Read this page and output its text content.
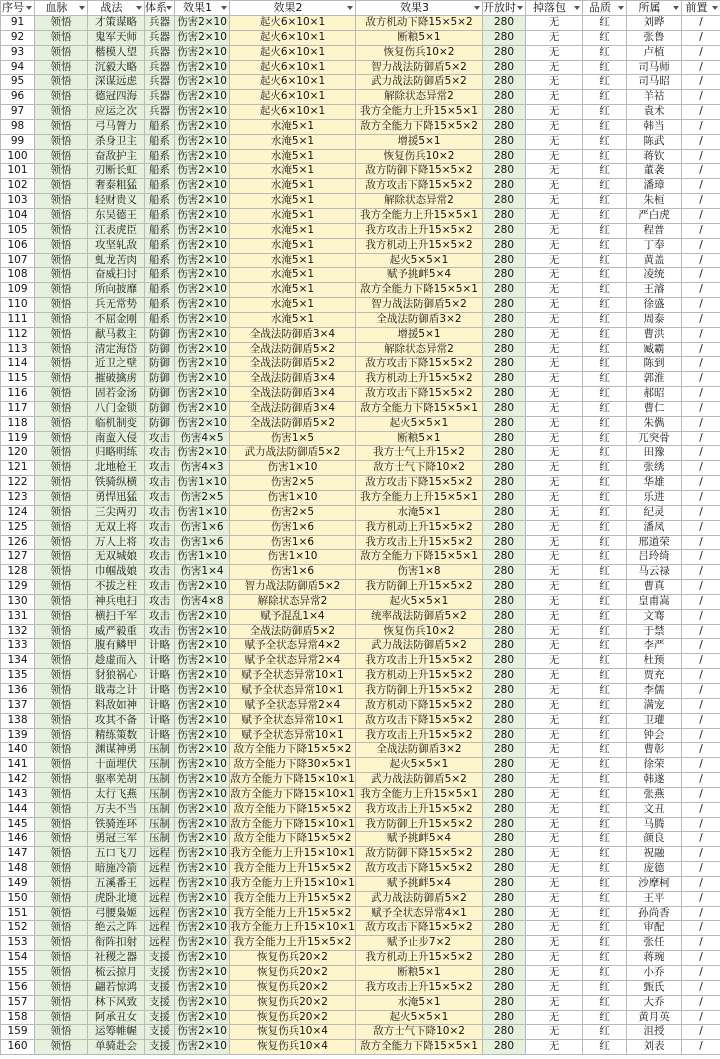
序号	血脉	战法	体系	效果1	效果2	效果3	开放时	掉落包	品质	所属	前置
91	领悟	才策谋略	兵器	伤害2×10	起火6×10×1	敌方机动下降15×5×2	280	无	红	刘晔	/
92	领悟	鬼军天师	兵器	伤害2×10	起火6×10×1	断粮5×1	280	无	红	张鲁	/
93	领悟	楷模人望	兵器	伤害2×10	起火6×10×1	恢复伤兵10×2	280	无	红	卢植	/
94	领悟	沉毅大略	兵器	伤害2×10	起火6×10×1	智力战法防御盾5×2	280	无	红	司马师	/
95	领悟	深谋远虑	兵器	伤害2×10	起火6×10×1	武力战法防御盾5×2	280	无	红	司马昭	/
96	领悟	德冠四海	兵器	伤害2×10	起火6×10×1	解除状态异常2	280	无	红	羊祜	/
97	领悟	应运之次	兵器	伤害2×10	起火6×10×1	我方全能力上升15×5×1	280	无	红	袁术	/
98	领悟	弓马膂力	船系	伤害2×10	水淹5×1	敌方全能力下降15×5×2	280	无	红	韩当	/
99	领悟	杀身卫主	船系	伤害2×10	水淹5×1	增援5×1	280	无	红	陈武	/
100	领悟	奋敌护主	船系	伤害2×10	水淹5×1	恢复伤兵10×2	280	无	红	蒋钦	/
101	领悟	刃断长虹	船系	伤害2×10	水淹5×1	敌方防御下降15×5×2	280	无	红	董袭	/
102	领悟	奢泰粗猛	船系	伤害2×10	水淹5×1	敌方攻击下降15×5×2	280	无	红	潘璋	/
103	领悟	轻财贵义	船系	伤害2×10	水淹5×1	解除状态异常2	280	无	红	朱桓	/
104	领悟	东吴德王	船系	伤害2×10	水淹5×1	我方全能力上升15×5×1	280	无	红	严白虎	/
105	领悟	江表虎臣	船系	伤害2×10	水淹5×1	我方攻击上升15×5×2	280	无	红	程普	/
106	领悟	攻坚轧敌	船系	伤害2×10	水淹5×1	我方机动上升15×5×2	280	无	红	丁奉	/
107	领悟	虬龙苦肉	船系	伤害2×10	水淹5×1	起火5×5×1	280	无	红	黄盖	/
108	领悟	奋威扫讨	船系	伤害2×10	水淹5×1	赋予挑衅5×4	280	无	红	凌统	/
109	领悟	所向披靡	船系	伤害2×10	水淹5×1	敌方全能力下降15×5×1	280	无	红	王濬	/
110	领悟	兵无常势	船系	伤害2×10	水淹5×1	智力战法防御盾5×2	280	无	红	徐盛	/
111	领悟	不屈金刚	船系	伤害2×10	水淹5×1	全战法防御盾3×2	280	无	红	周泰	/
112	领悟	献马救主	防御	伤害2×10	全战法防御盾3×4	增援5×1	280	无	红	曹洪	/
113	领悟	清定海岱	防御	伤害2×10	全战法防御盾5×2	解除状态异常2	280	无	红	臧霸	/
114	领悟	近卫之壁	防御	伤害2×10	全战法防御盾5×2	敌方攻击下降15×5×2	280	无	红	陈到	/
115	领悟	摧破擒虏	防御	伤害2×10	全战法防御盾3×4	我方机动上升15×5×2	280	无	红	郭淮	/
116	领悟	固若金汤	防御	伤害2×10	全战法防御盾3×4	敌方攻击下降15×5×2	280	无	红	郝昭	/
117	领悟	八门金锁	防御	伤害2×10	全战法防御盾3×4	敌方全能力下降15×5×1	280	无	红	曹仁	/
118	领悟	临机制变	防御	伤害2×10	全战法防御盾5×2	起火5×5×1	280	无	红	朱儁	/
119	领悟	南蛮入侵	攻击	伤害4×5	伤害1×5	断粮5×1	280	无	红	兀突骨	/
120	领悟	归略明练	攻击	伤害2×10	武力战法防御盾5×2	我方士气上升15×2	280	无	红	田豫	/
121	领悟	北地枪王	攻击	伤害4×3	伤害1×10	敌方士气下降10×2	280	无	红	张绣	/
122	领悟	铁骑纵横	攻击	伤害1×10	伤害2×5	敌方攻击下降15×5×2	280	无	红	华雄	/
123	领悟	勇悍迅猛	攻击	伤害2×5	伤害1×10	我方全能力上升15×5×1	280	无	红	乐进	/
124	领悟	三尖两刃	攻击	伤害1×10	伤害2×5	水淹5×1	280	无	红	纪灵	/
125	领悟	无双上将	攻击	伤害1×6	伤害1×6	我方机动上升15×5×2	280	无	红	潘凤	/
126	领悟	万人上将	攻击	伤害1×6	伤害1×6	我方攻击上升15×5×2	280	无	红	邢道荣	/
127	领悟	无双城娘	攻击	伤害1×10	伤害1×10	敌方全能力下降15×5×1	280	无	红	吕玲绮	/
128	领悟	巾帼战娘	攻击	伤害1×4	伤害1×6	伤害1×8	280	无	红	马云禄	/
129	领悟	不拔之柱	攻击	伤害2×10	智力战法防御盾5×2	我方防御上升15×5×2	280	无	红	曹真	/
130	领悟	神兵电扫	攻击	伤害4×8	解除状态异常2	起火5×5×1	280	无	红	皇甫嵩	/
131	领悟	横扫千军	攻击	伤害2×10	赋予混乱1×4	统率战法防御盾5×2	280	无	红	文骞	/
132	领悟	威严毅重	攻击	伤害2×10	全战法防御盾5×2	恢复伤兵10×2	280	无	红	于禁	/
133	领悟	腹有鳞甲	计略	伤害2×10	赋予全状态异常4×2	武力战法防御盾5×2	280	无	红	李严	/
134	领悟	趁虚而入	计略	伤害2×10	赋予全状态异常2×4	我方攻击上升15×5×2	280	无	红	杜预	/
135	领悟	豺狼祸心	计略	伤害2×10	赋予全状态异常10×1	我方机动上升15×5×2	280	无	红	贾充	/
136	领悟	戢毒之计	计略	伤害2×10	赋予全状态异常10×1	我方防御上升15×5×2	280	无	红	李儒	/
137	领悟	料敌如神	计略	伤害2×10	赋予全状态异常2×4	敌方机动下降15×5×2	280	无	红	满宠	/
138	领悟	攻其不备	计略	伤害2×10	赋予全状态异常10×1	敌方攻击下降15×5×2	280	无	红	卫瓘	/
139	领悟	精练策数	计略	伤害2×10	赋予全状态异常10×1	我方攻击上升15×5×2	280	无	红	钟会	/
140	领悟	渊谋神勇	压制	伤害2×10	敌方全能力下降15×5×2	全战法防御盾3×2	280	无	红	曹彰	/
141	领悟	十面埋伏	压制	伤害2×10	敌方全能力下降30×5×1	起火5×5×1	280	无	红	徐荣	/
142	领悟	驱率羌胡	压制	伤害2×10	敌方全能力下降15×10×1	武力战法防御盾5×2	280	无	红	韩遂	/
143	领悟	太行飞燕	压制	伤害2×10	敌方全能力下降15×10×1	我方全能力上升15×5×1	280	无	红	张燕	/
144	领悟	万夫不当	压制	伤害2×10	敌方全能力下降15×5×2	我方攻击上升15×5×2	280	无	红	文丑	/
145	领悟	铁骑连环	压制	伤害2×10	敌方全能力下降15×10×1	我方防御上升15×5×2	280	无	红	马腾	/
146	领悟	勇冠三军	压制	伤害2×10	敌方全能力下降15×5×2	赋予挑衅5×4	280	无	红	颜良	/
147	领悟	五口飞刀	远程	伤害2×10	我方全能力上升15×10×1	敌方防御下降15×5×2	280	无	红	祝融	/
148	领悟	暗施冷箭	远程	伤害2×10	我方全能力上升15×5×2	敌方攻击下降15×5×2	280	无	红	庞德	/
149	领悟	五溪番王	远程	伤害2×10	我方全能力上升15×10×1	赋予挑衅5×4	280	无	红	沙摩柯	/
150	领悟	虎卧北境	远程	伤害2×10	我方全能力上升15×5×2	武力战法防御盾5×2	280	无	红	王平	/
151	领悟	弓腰枭姬	远程	伤害2×10	我方全能力上升15×5×2	赋予全状态异常4×1	280	无	红	孙尚香	/
152	领悟	绝云之阵	远程	伤害2×10	我方全能力上升15×10×1	敌方攻击下降15×5×2	280	无	红	审配	/
153	领悟	衔阵扣射	远程	伤害2×10	我方全能力上升15×5×2	赋予止步7×2	280	无	红	张任	/
154	领悟	社稷之器	支援	伤害2×10	恢复伤兵20×2	我方机动上升15×5×2	280	无	红	蒋琬	/
155	领悟	梳云掠月	支援	伤害2×10	恢复伤兵20×2	断粮5×1	280	无	红	小乔	/
156	领悟	翩若惊鸿	支援	伤害2×10	恢复伤兵20×2	我方攻击上升15×5×2	280	无	红	甄氏	/
157	领悟	林下风致	支援	伤害2×10	恢复伤兵20×2	水淹5×1	280	无	红	大乔	/
158	领悟	阿承丑女	支援	伤害2×10	恢复伤兵20×2	起火5×5×1	280	无	红	黄月英	/
159	领悟	运筹帷幄	支援	伤害2×10	恢复伤兵10×4	敌方士气下降10×2	280	无	红	沮授	/
160	领悟	单骑赴会	支援	伤害2×10	恢复伤兵10×4	敌方全能力下降15×5×1	280	无	红	刘表	/
